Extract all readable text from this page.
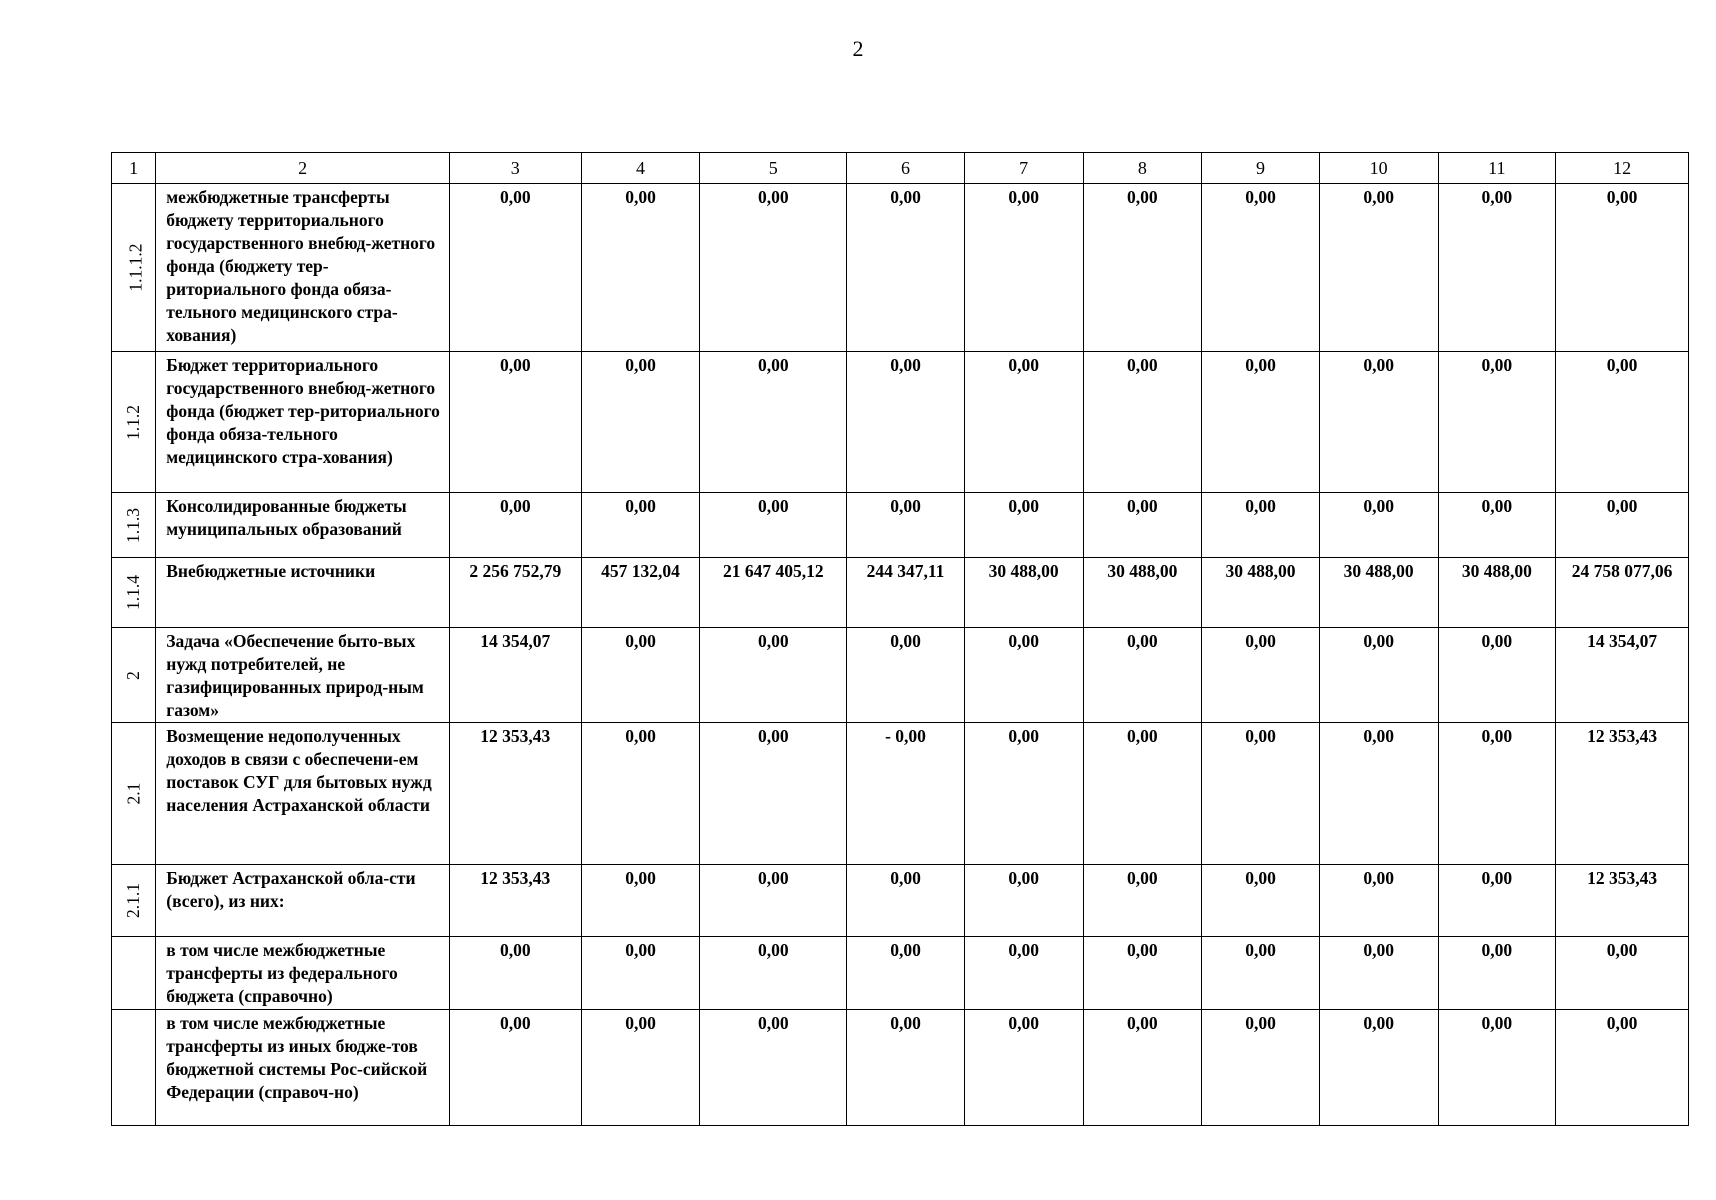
2
1	2	3	4	5	6	7	8	9	10	11	12
1.1.1.2	межбюджетные трансферты бюджету территориального государственного внебюд-жетного фонда (бюджету тер-риториального фонда обяза-тельного медицинского стра-хования)	0,00	0,00	0,00	0,00	0,00	0,00	0,00	0,00	0,00	0,00
1.1.2	Бюджет территориального государственного внебюд-жетного фонда (бюджет тер-риториального фонда обяза-тельного медицинского стра-хования)	0,00	0,00	0,00	0,00	0,00	0,00	0,00	0,00	0,00	0,00
1.1.3	Консолидированные бюджеты муниципальных образований	0,00	0,00	0,00	0,00	0,00	0,00	0,00	0,00	0,00	0,00
1.1.4	Внебюджетные источники	2 256 752,79	457 132,04	21 647 405,12	244 347,11	30 488,00	30 488,00	30 488,00	30 488,00	30 488,00	24 758 077,06
2	Задача «Обеспечение быто-вых нужд потребителей, не газифицированных природ-ным газом»	14 354,07	0,00	0,00	0,00	0,00	0,00	0,00	0,00	0,00	14 354,07
2.1	Возмещение недополученных доходов в связи с обеспечени-ем поставок СУГ для бытовых нужд населения Астраханской области	12 353,43	0,00	0,00	- 0,00	0,00	0,00	0,00	0,00	0,00	12 353,43
2.1.1	Бюджет Астраханской обла-сти (всего), из них:	12 353,43	0,00	0,00	0,00	0,00	0,00	0,00	0,00	0,00	12 353,43
	в том числе межбюджетные трансферты из федерального бюджета (справочно)	0,00	0,00	0,00	0,00	0,00	0,00	0,00	0,00	0,00	0,00
	в том числе межбюджетные трансферты из иных бюдже-тов бюджетной системы Рос-сийской Федерации (справоч-но)	0,00	0,00	0,00	0,00	0,00	0,00	0,00	0,00	0,00	0,00
